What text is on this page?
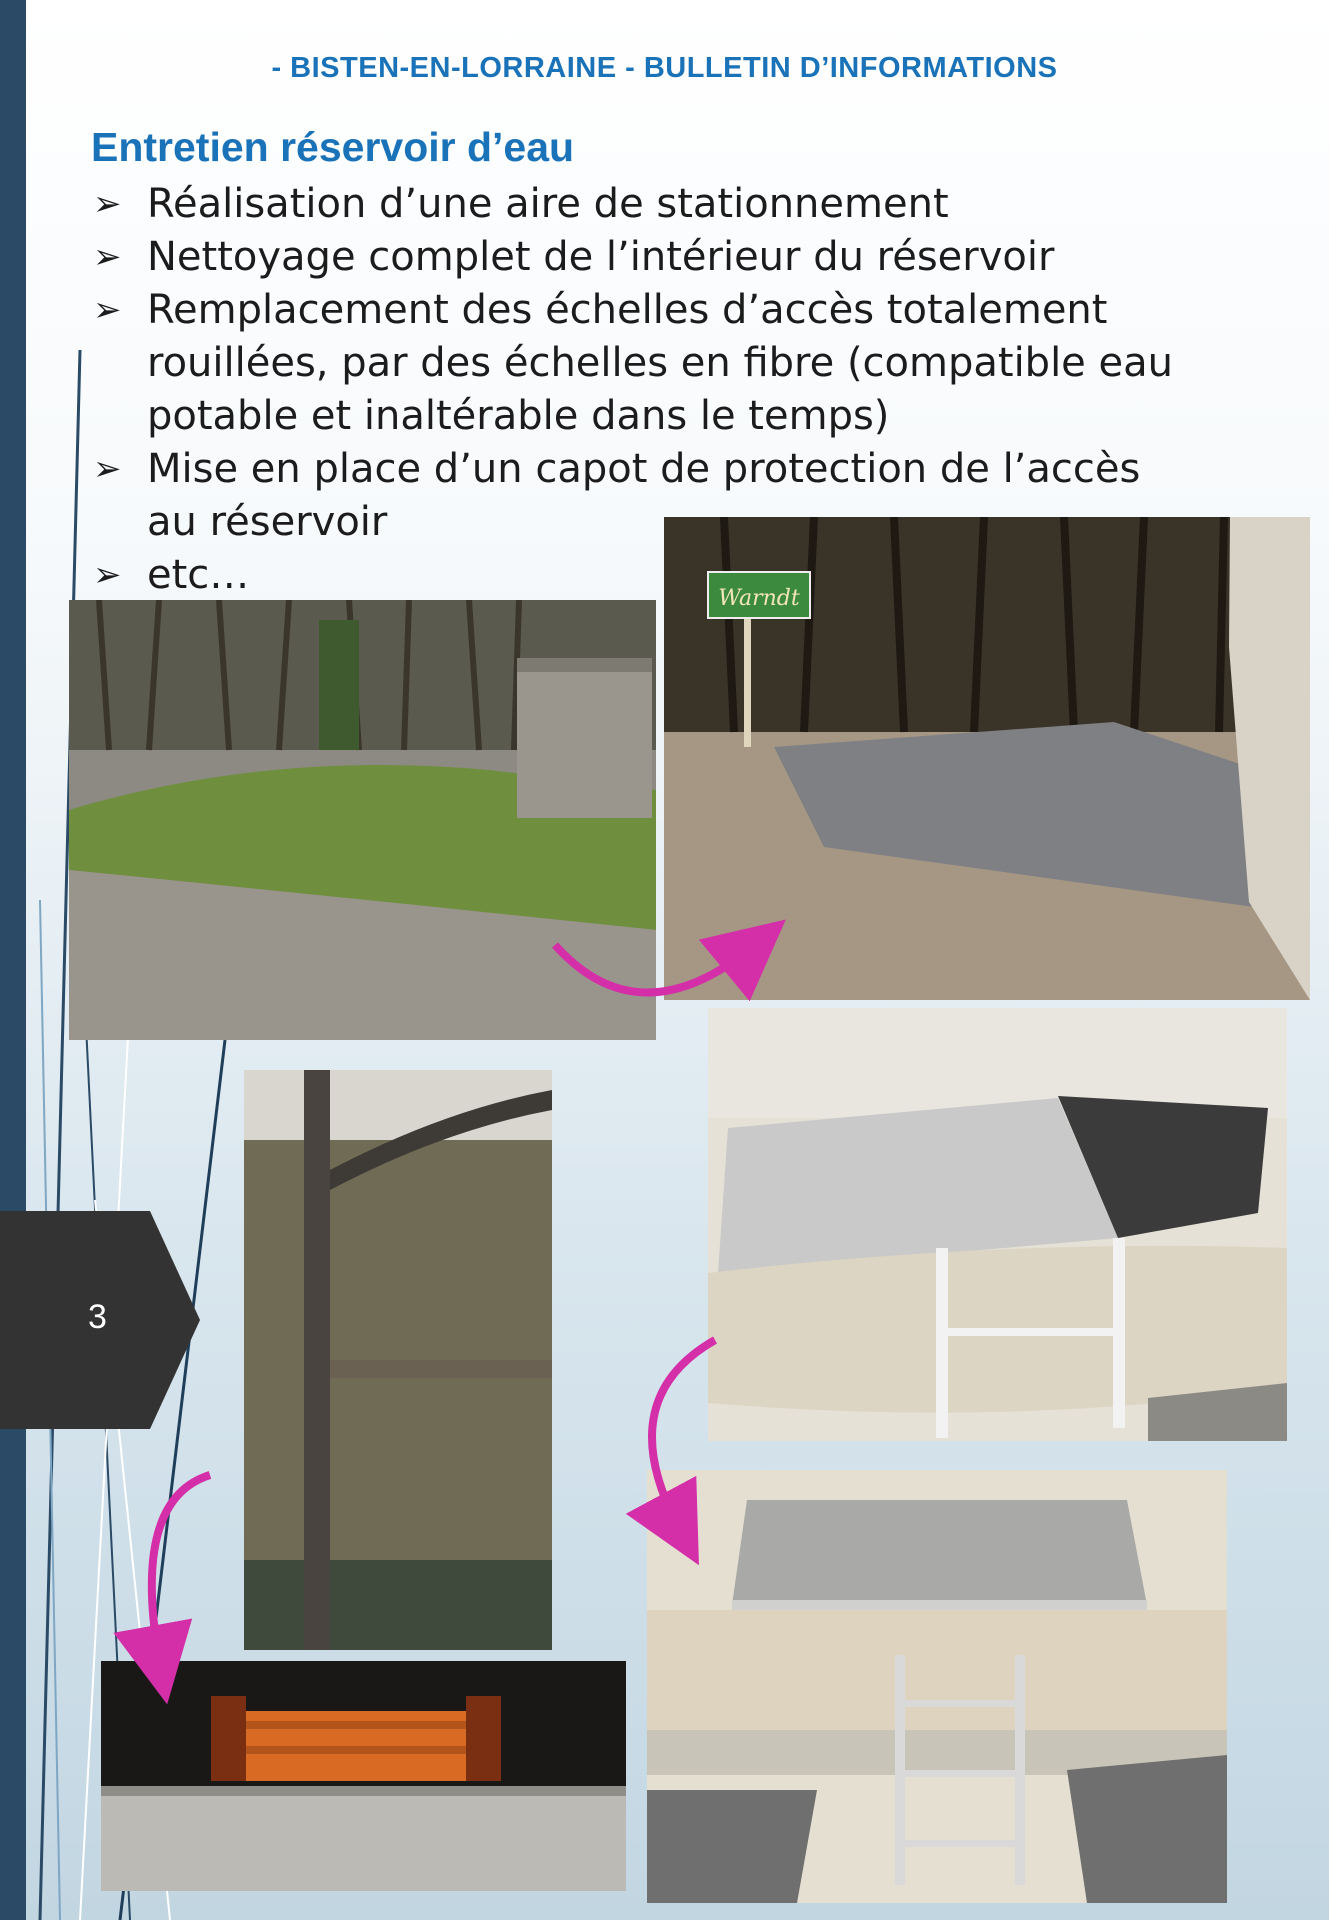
- BISTEN-EN-LORRAINE - BULLETIN D’INFORMATIONS
Entretien réservoir d’eau
➢ Réalisation d’une aire de stationnement
➢ Nettoyage complet de l’intérieur du réservoir
➢ Remplacement des échelles d’accès totalement rouillées, par des échelles en fibre (compatible eau potable et inaltérable dans le temps)
➢ Mise en place d’un capot de protection de l’accès au réservoir
➢ etc…
Warndt
3
